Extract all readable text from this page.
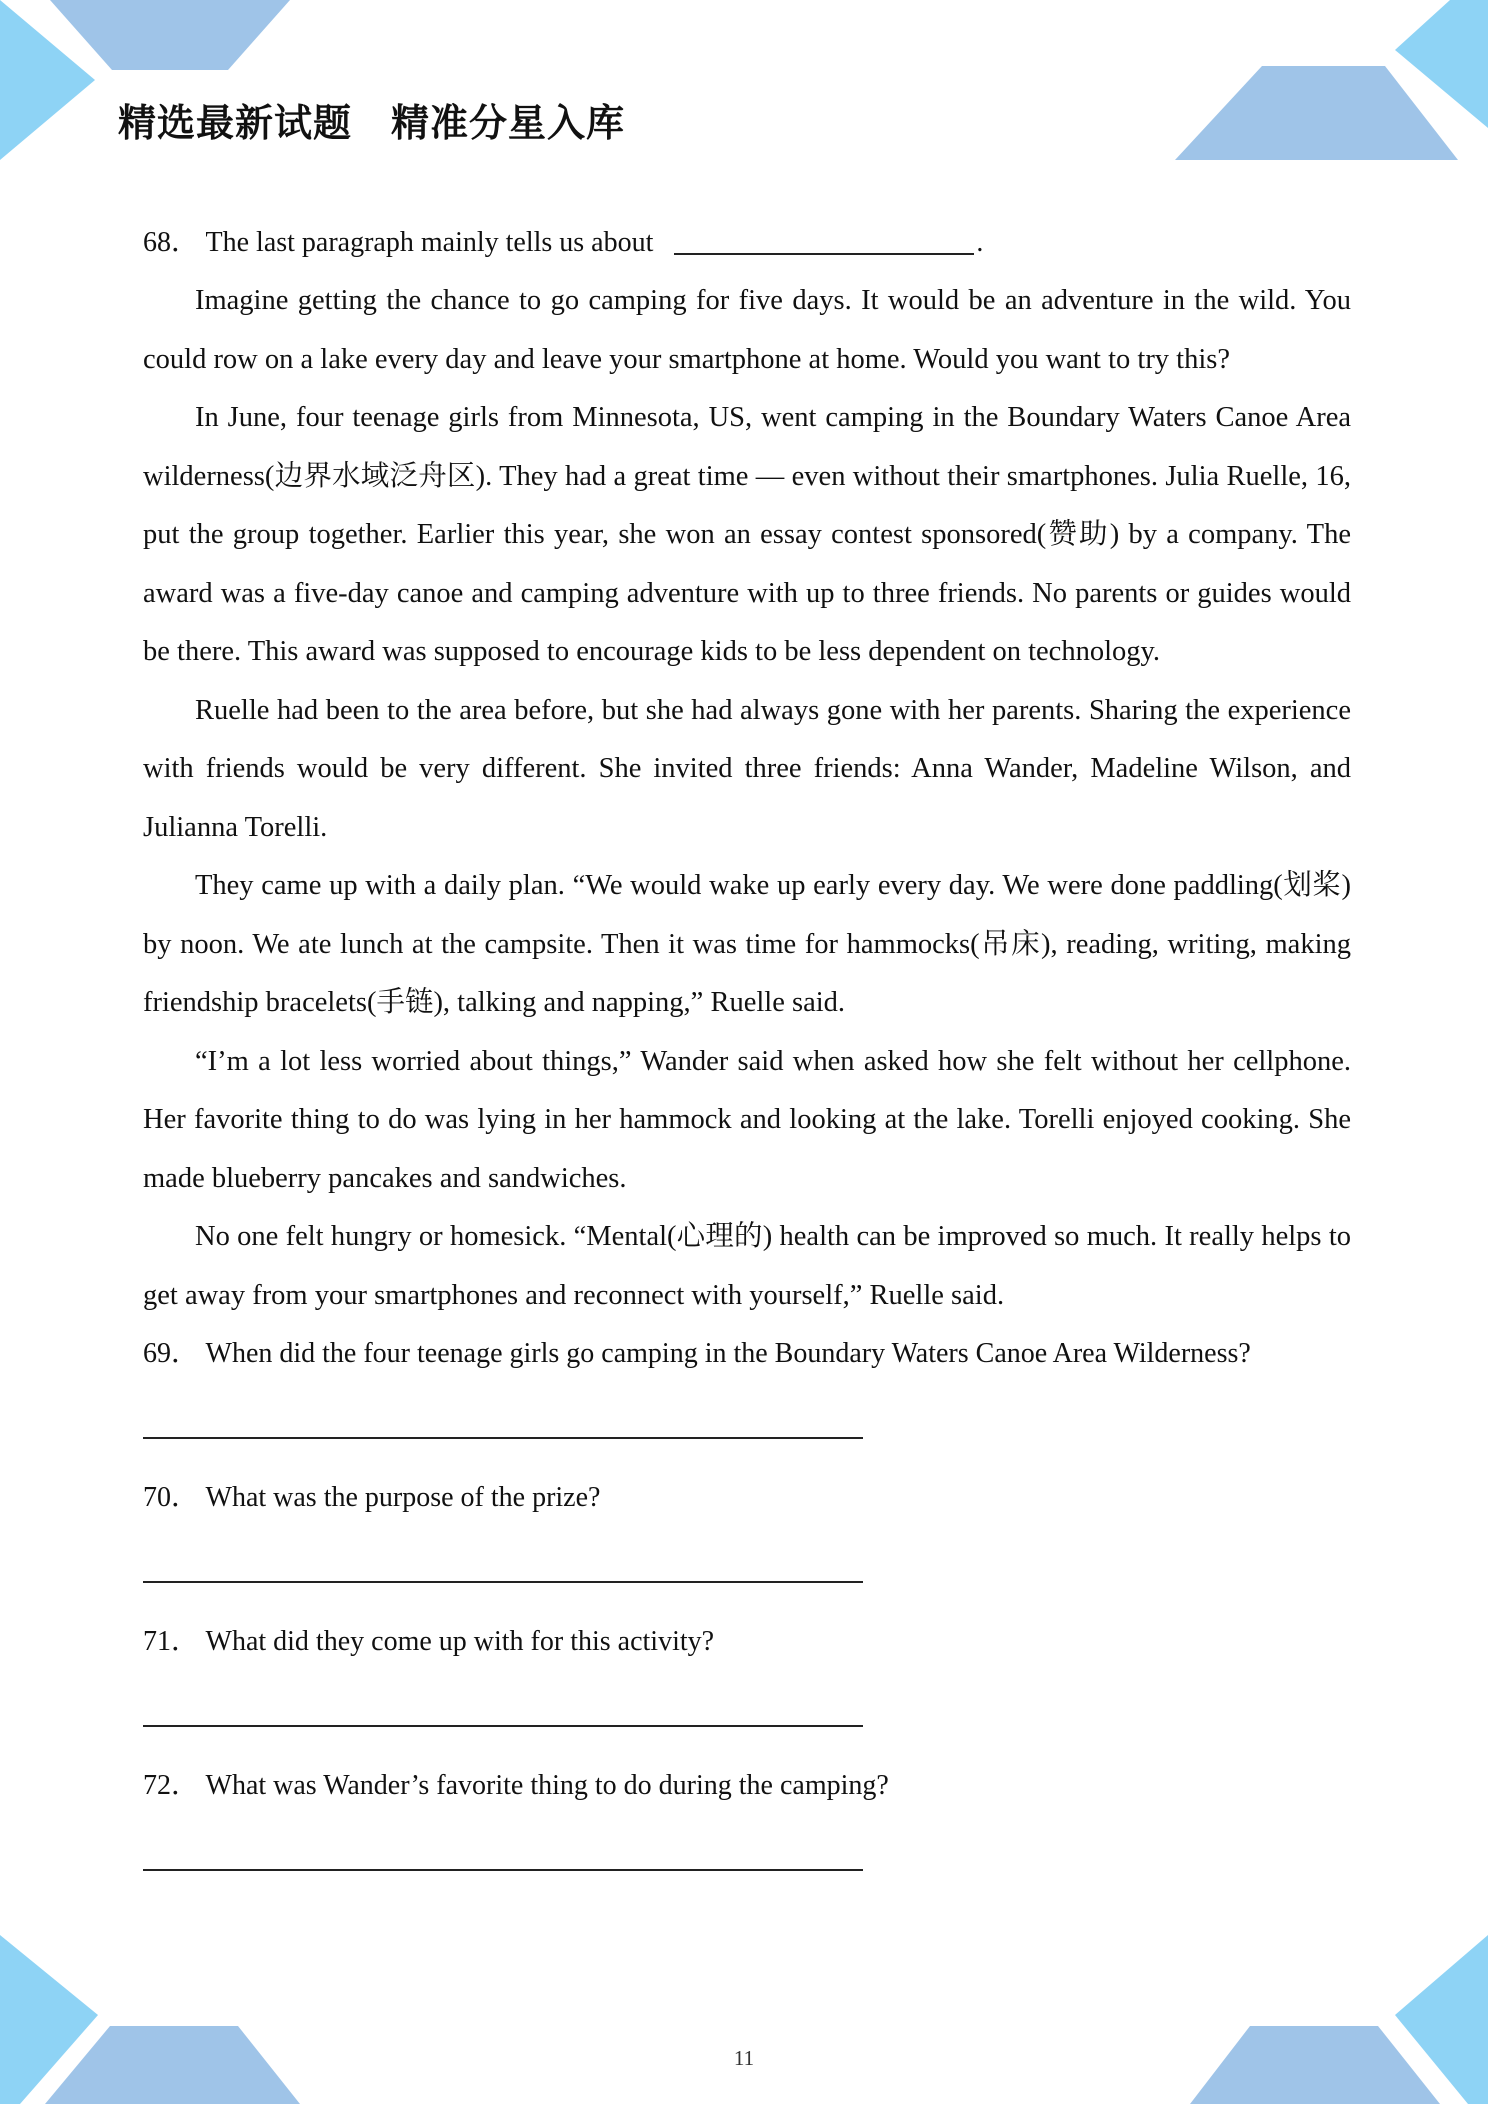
精选最新试题　精准分星入库
68． The last paragraph mainly tells us about	.

Imagine getting the chance to go camping for five days. It would be an adventure in the wild. You could row on a lake every day and leave your smartphone at home. Would you want to try this?

In June, four teenage girls from Minnesota, US, went camping in the Boundary Waters Canoe Area wilderness(边界水域泛舟区). They had a great time — even without their smartphones. Julia Ruelle, 16, put the group together. Earlier this year, she won an essay contest sponsored(赞助) by a company. The award was a five-day canoe and camping adventure with up to three friends. No parents or guides would be there. This award was supposed to encourage kids to be less dependent on technology.

Ruelle had been to the area before, but she had always gone with her parents. Sharing the experience with friends would be very different. She invited three friends: Anna Wander, Madeline Wilson, and Julianna Torelli.

They came up with a daily plan. “We would wake up early every day. We were done paddling(划桨) by noon. We ate lunch at the campsite. Then it was time for hammocks(吊床), reading, writing, making friendship bracelets(手链), talking and napping,” Ruelle said.

“I’m a lot less worried about things,” Wander said when asked how she felt without her cellphone. Her favorite thing to do was lying in her hammock and looking at the lake. Torelli enjoyed cooking. She made blueberry pancakes and sandwiches.

No one felt hungry or homesick. “Mental(心理的) health can be improved so much. It really helps to get away from your smartphones and reconnect with yourself,” Ruelle said.

69． When did the four teenage girls go camping in the Boundary Waters Canoe Area Wilderness?
70． What was the purpose of the prize?
71． What did they come up with for this activity?
72． What was Wander’s favorite thing to do during the camping?
11
